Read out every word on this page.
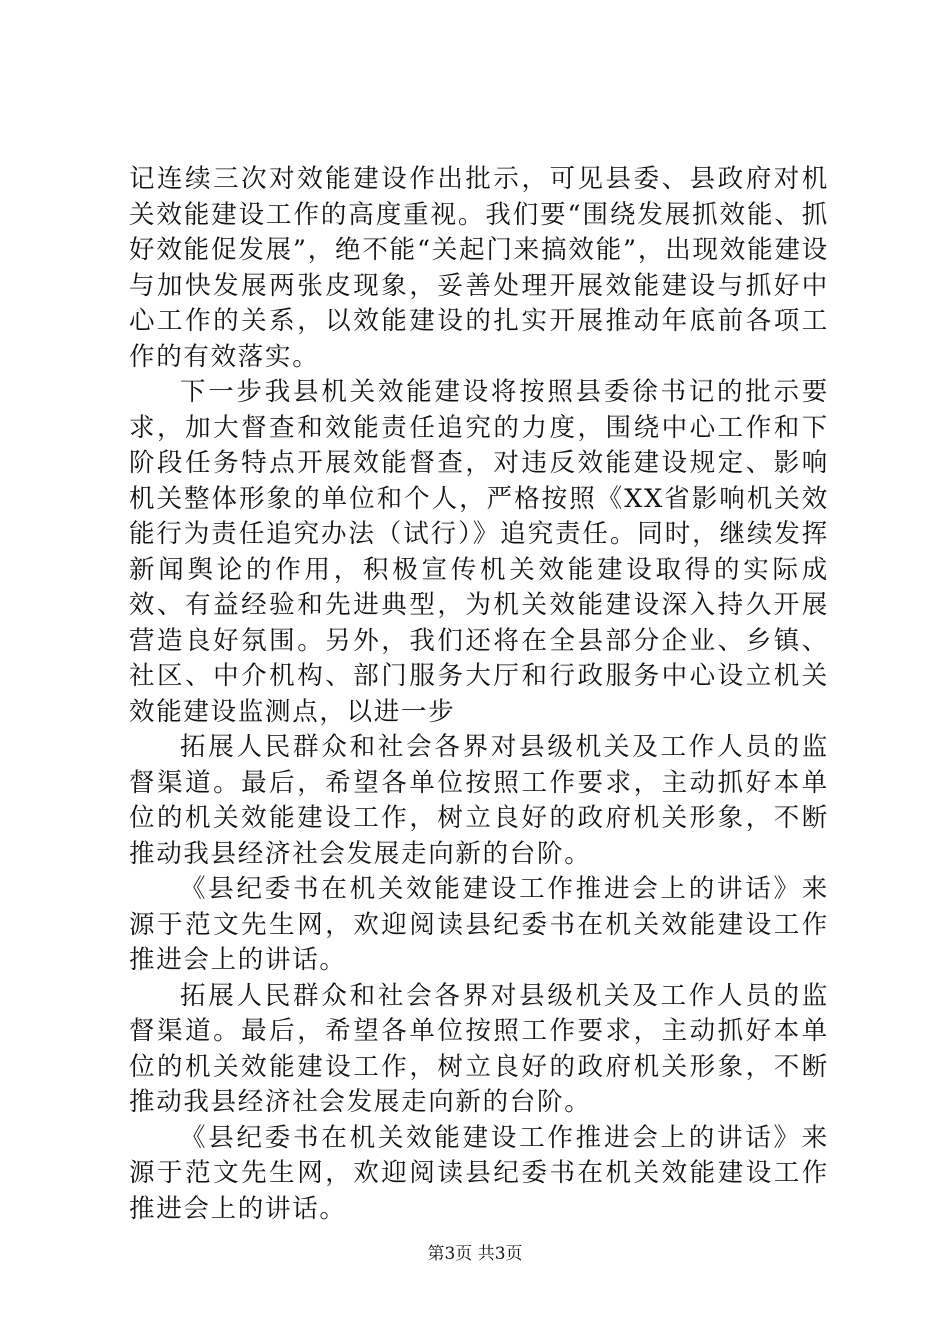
记连续三次对效能建设作出批示，可见县委、县政府对机关效能建设工作的高度重视。我们要“围绕发展抓效能、抓好效能促发展”，绝不能“关起门来搞效能”，出现效能建设与加快发展两张皮现象，妥善处理开展效能建设与抓好中心工作的关系，以效能建设的扎实开展推动年底前各项工作的有效落实。

下一步我县机关效能建设将按照县委徐书记的批示要求，加大督查和效能责任追究的力度，围绕中心工作和下阶段任务特点开展效能督查，对违反效能建设规定、影响机关整体形象的单位和个人，严格按照《XX省影响机关效能行为责任追究办法（试行）》追究责任。同时，继续发挥新闻舆论的作用，积极宣传机关效能建设取得的实际成效、有益经验和先进典型，为机关效能建设深入持久开展营造良好氛围。另外，我们还将在全县部分企业、乡镇、社区、中介机构、部门服务大厅和行政服务中心设立机关效能建设监测点，以进一步

拓展人民群众和社会各界对县级机关及工作人员的监督渠道。最后，希望各单位按照工作要求，主动抓好本单位的机关效能建设工作，树立良好的政府机关形象，不断推动我县经济社会发展走向新的台阶。

《县纪委书在机关效能建设工作推进会上的讲话》来源于范文先生网，欢迎阅读县纪委书在机关效能建设工作推进会上的讲话。

拓展人民群众和社会各界对县级机关及工作人员的监督渠道。最后，希望各单位按照工作要求，主动抓好本单位的机关效能建设工作，树立良好的政府机关形象，不断推动我县经济社会发展走向新的台阶。

《县纪委书在机关效能建设工作推进会上的讲话》来源于范文先生网，欢迎阅读县纪委书在机关效能建设工作推进会上的讲话。

第3页 共3页
